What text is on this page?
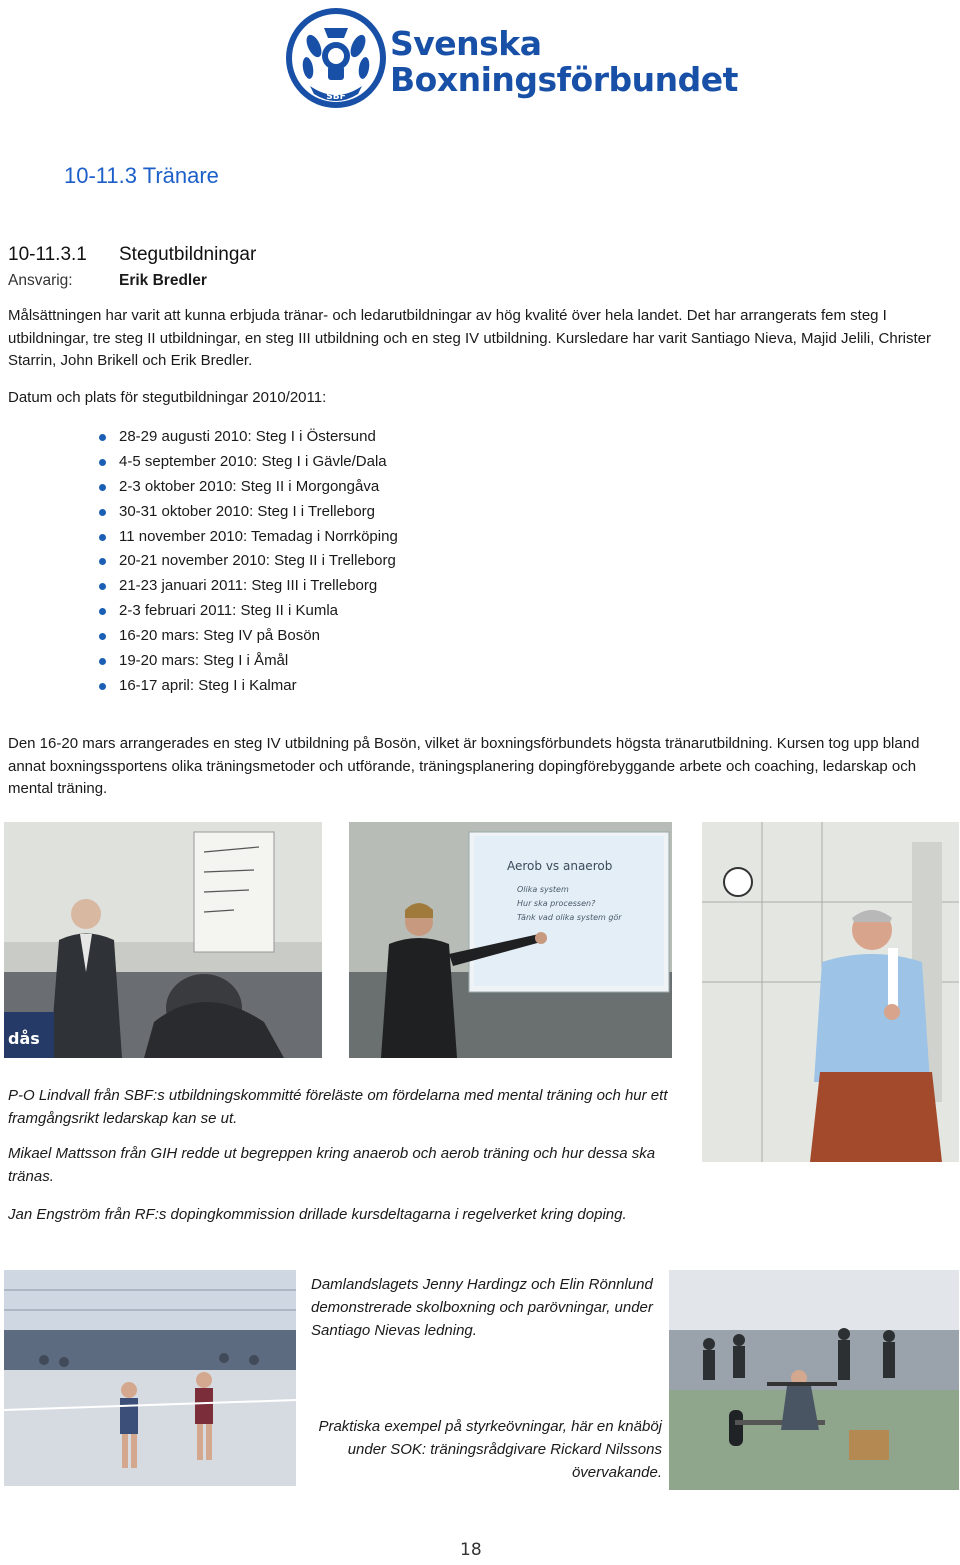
SBF
Svenska
Boxningsförbundet
10-11.3 Tränare
10-11.3.1 Stegutbildningar
Ansvarig:	Erik Bredler

Målsättningen har varit att kunna erbjuda tränar- och ledarutbildningar av hög kvalité över hela landet. Det har arrangerats fem steg I utbildningar, tre steg II utbildningar, en steg III utbildning och en steg IV utbildning. Kursledare har varit Santiago Nieva, Majid Jelili, Christer Starrin, John Brikell och Erik Bredler.

Datum och plats för stegutbildningar 2010/2011:

28-29 augusti 2010: Steg I i Östersund
4-5 september 2010: Steg I i Gävle/Dala
2-3 oktober 2010: Steg II i Morgongåva
30-31 oktober 2010: Steg I i Trelleborg
11 november 2010: Temadag i Norrköping
20-21 november 2010: Steg II i Trelleborg
21-23 januari 2011: Steg III i Trelleborg
2-3 februari 2011: Steg II i Kumla
16-20 mars: Steg IV på Bosön
19-20 mars: Steg I i Åmål
16-17 april: Steg I i Kalmar

Den 16-20 mars arrangerades en steg IV utbildning på Bosön, vilket är boxningsförbundets högsta tränarutbildning. Kursen tog upp bland annat boxningssportens olika träningsmetoder och utförande, träningsplanering dopingförebyggande arbete och coaching, ledarskap och mental träning.

dås
Aerob vs anaerob
Olika system
Hur ska processen?
Tänk vad olika system gör

P-O Lindvall från SBF:s utbildningskommitté föreläste om fördelarna med mental träning och hur ett framgångsrikt ledarskap kan se ut.

Mikael Mattsson från GIH redde ut begreppen kring anaerob och aerob träning och hur dessa ska tränas.

Jan Engström från RF:s dopingkommission drillade kursdeltagarna i regelverket kring doping.

Damlandslagets Jenny Hardingz och Elin Rönnlund demonstrerade skolboxning och parövningar, under Santiago Nievas ledning.

Praktiska exempel på styrkeövningar, här en knäböj under SOK: träningsrådgivare Rickard Nilssons övervakande.

18
